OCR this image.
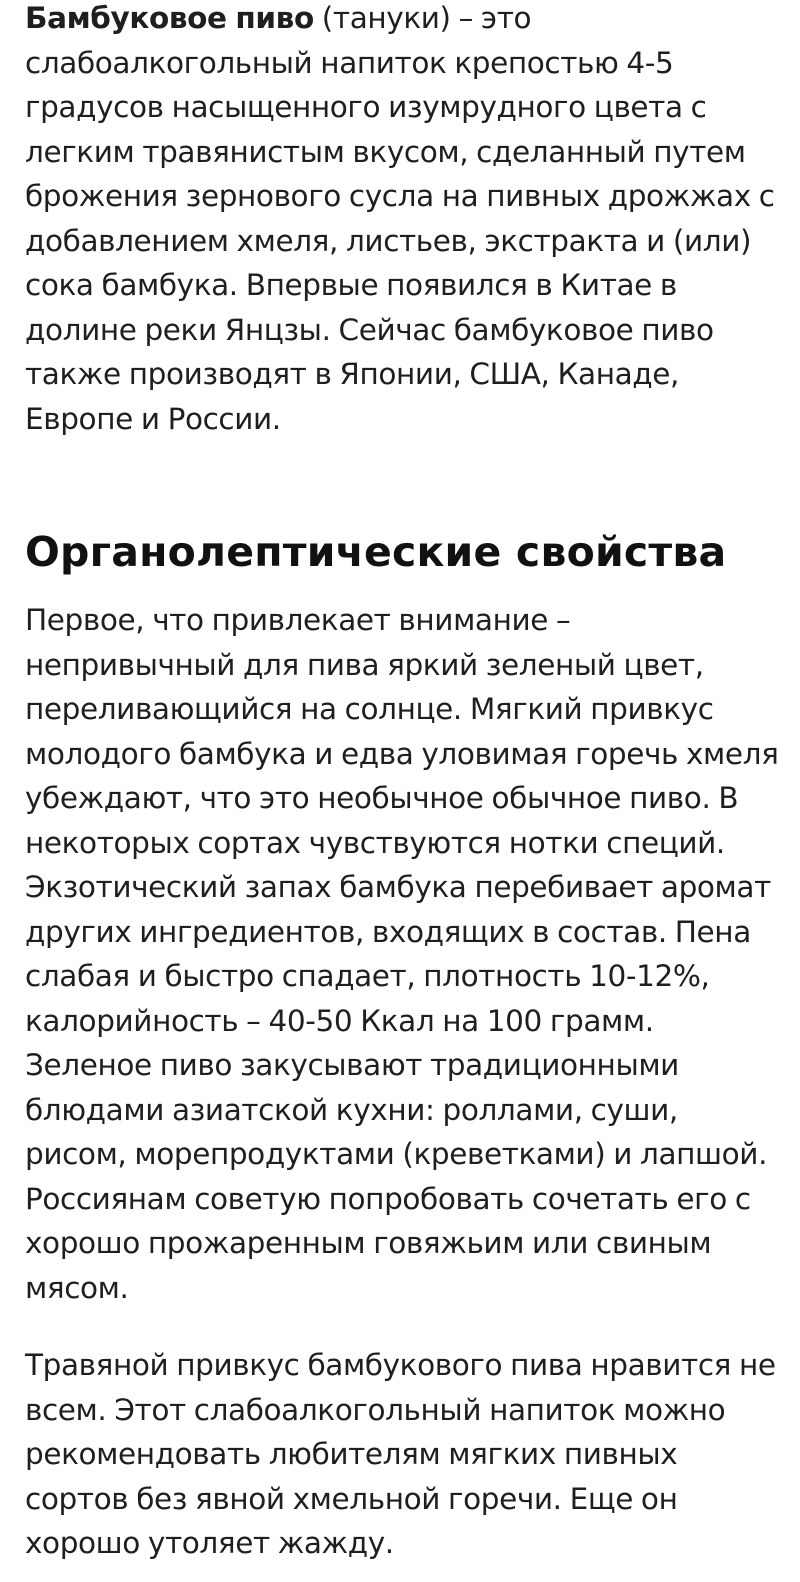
Бамбуковое пиво (тануки) – это слабоалкогольный напиток крепостью 4-5 градусов насыщенного изумрудного цвета с легким травянистым вкусом, сделанный путем брожения зернового сусла на пивных дрожжах с добавлением хмеля, листьев, экстракта и (или) сока бамбука. Впервые появился в Китае в долине реки Янцзы. Сейчас бамбуковое пиво также производят в Японии, США, Канаде, Европе и России.

Органолептические свойства

Первое, что привлекает внимание – непривычный для пива яркий зеленый цвет, переливающийся на солнце. Мягкий привкус молодого бамбука и едва уловимая горечь хмеля убеждают, что это необычное обычное пиво. В некоторых сортах чувствуются нотки специй. Экзотический запах бамбука перебивает аромат других ингредиентов, входящих в состав. Пена слабая и быстро спадает, плотность 10-12%, калорийность – 40-50 Ккал на 100 грамм. Зеленое пиво закусывают традиционными блюдами азиатской кухни: роллами, суши, рисом, морепродуктами (креветками) и лапшой. Россиянам советую попробовать сочетать его с хорошо прожаренным говяжьим или свиным мясом.

Травяной привкус бамбукового пива нравится не всем. Этот слабоалкогольный напиток можно рекомендовать любителям мягких пивных сортов без явной хмельной горечи. Еще он хорошо утоляет жажду.
